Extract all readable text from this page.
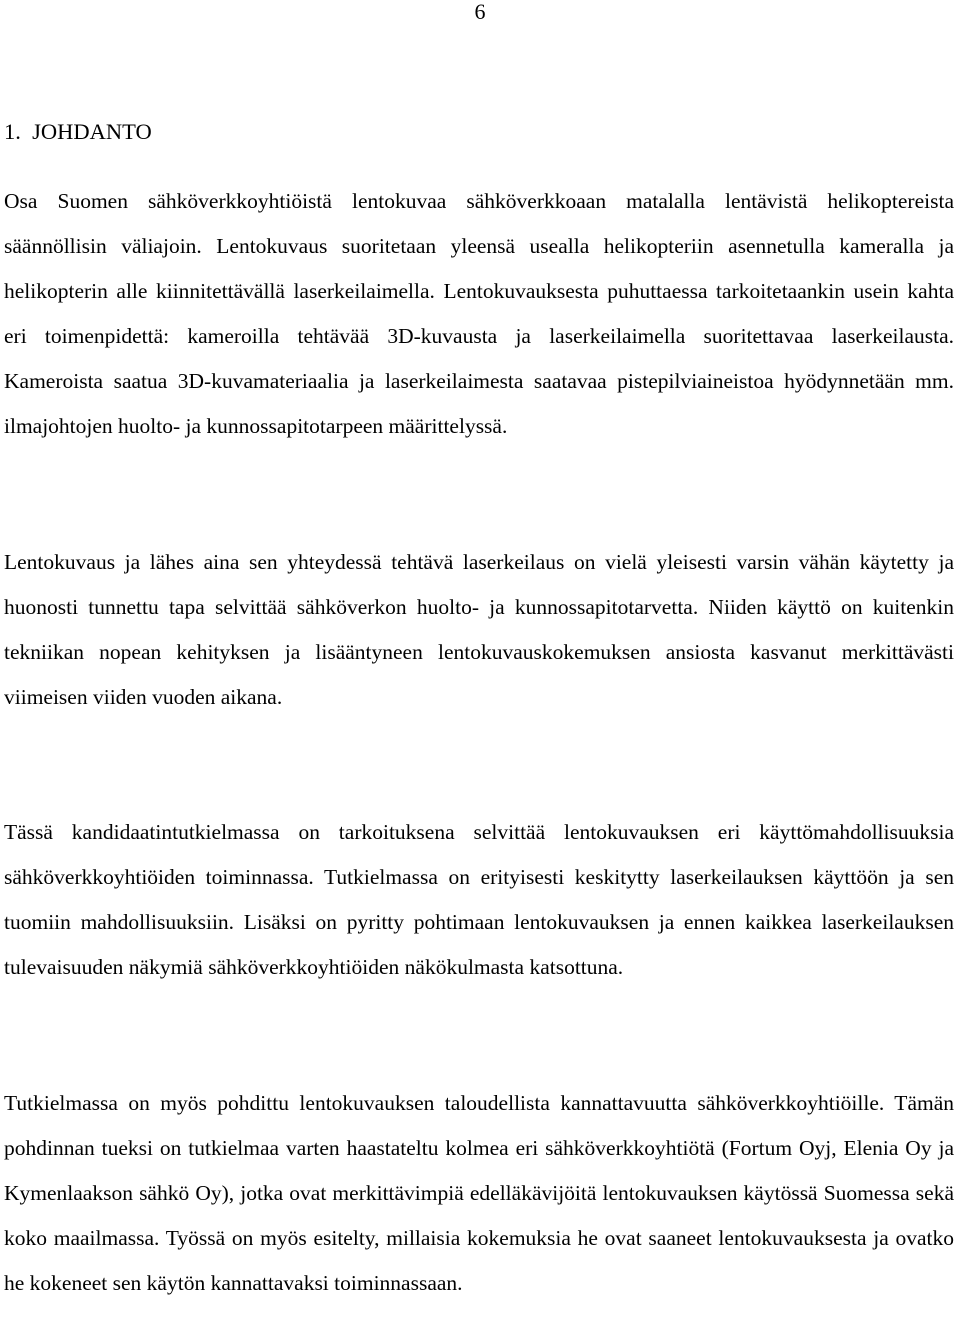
6
1.  JOHDANTO

Osa Suomen sähköverkkoyhtiöistä lentokuvaa sähköverkkoaan matalalla lentävistä helikoptereista säännöllisin väliajoin. Lentokuvaus suoritetaan yleensä usealla helikopteriin asennetulla kameralla ja helikopterin alle kiinnitettävällä laserkeilaimella. Lentokuvauksesta puhuttaessa tarkoitetaankin usein kahta eri toimenpidettä: kameroilla tehtävää 3D-kuvausta ja laserkeilaimella suoritettavaa laserkeilausta. Kameroista saatua 3D-kuvamateriaalia ja laserkeilaimesta saatavaa pistepilviaineistoa hyödynnetään mm. ilmajohtojen huolto- ja kunnossapitotarpeen määrittelyssä.

Lentokuvaus ja lähes aina sen yhteydessä tehtävä laserkeilaus on vielä yleisesti varsin vähän käytetty ja huonosti tunnettu tapa selvittää sähköverkon huolto- ja kunnossapitotarvetta. Niiden käyttö on kuitenkin tekniikan nopean kehityksen ja lisääntyneen lentokuvauskokemuksen ansiosta kasvanut merkittävästi viimeisen viiden vuoden aikana.

Tässä kandidaatintutkielmassa on tarkoituksena selvittää lentokuvauksen eri käyttömahdollisuuksia sähköverkkoyhtiöiden toiminnassa. Tutkielmassa on erityisesti keskitytty laserkeilauksen käyttöön ja sen tuomiin mahdollisuuksiin. Lisäksi on pyritty pohtimaan lentokuvauksen ja ennen kaikkea laserkeilauksen tulevaisuuden näkymiä sähköverkkoyhtiöiden näkökulmasta katsottuna.

Tutkielmassa on myös pohdittu lentokuvauksen taloudellista kannattavuutta sähköverkkoyhtiöille. Tämän pohdinnan tueksi on tutkielmaa varten haastateltu kolmea eri sähköverkkoyhtiötä (Fortum Oyj, Elenia Oy ja Kymenlaakson sähkö Oy), jotka ovat merkittävimpiä edelläkävijöitä lentokuvauksen käytössä Suomessa sekä koko maailmassa. Työssä on myös esitelty, millaisia kokemuksia he ovat saaneet lentokuvauksesta ja ovatko he kokeneet sen käytön kannattavaksi toiminnassaan.
